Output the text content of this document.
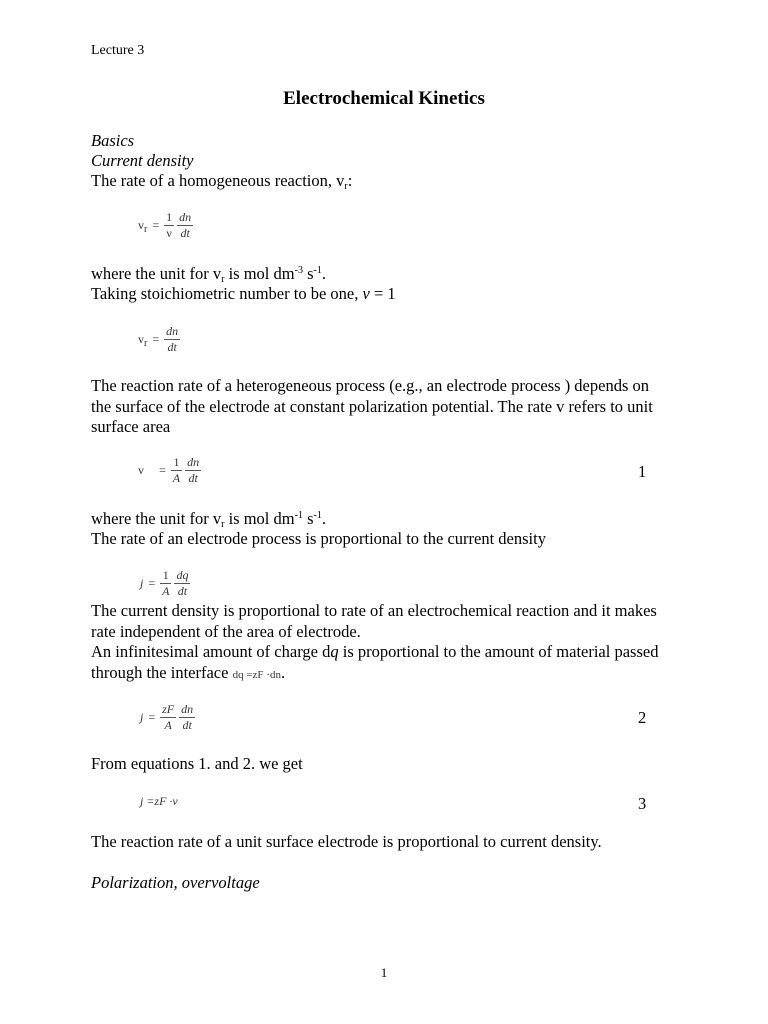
Lecture 3
Electrochemical Kinetics
Basics
Current density
The rate of a homogeneous reaction, $v_r$:
$v_r = \frac{1}{\nu}$
$\frac{dn}{dt}$
where the unit for $v_r$ is mol $dm^{-3}$ $s^{-1}$.
Taking stoichiometric number to be one, ν = 1
$v_r = \frac{dn}{dt}$
The reaction rate of a heterogeneous process (e.g., an electrode process ) depends on the surface of the electrode at constant polarization potential. The rate v refers to unit surface area
$v = \frac{1}{A}$
$\frac{dn}{dt}$	1
where the unit for $v_r$ is mol $dm^{-1}$ $s^{-1}$.
The rate of an electrode process is proportional to the current density
$j = \frac{1}{A}$
$\frac{dq}{dt}$
The current density is proportional to rate of an electrochemical reaction and it makes rate independent of the area of electrode.
An infinitesimal amount of charge dq is proportional to the amount of material passed through the interface dq =zF ·dn.
$j = \frac{zF}{A}$
$\frac{dn}{dt}$	2
From equations 1. and 2. we get
j =zF ·v	3
The reaction rate of a unit surface electrode is proportional to current density.
Polarization, overvoltage
1
